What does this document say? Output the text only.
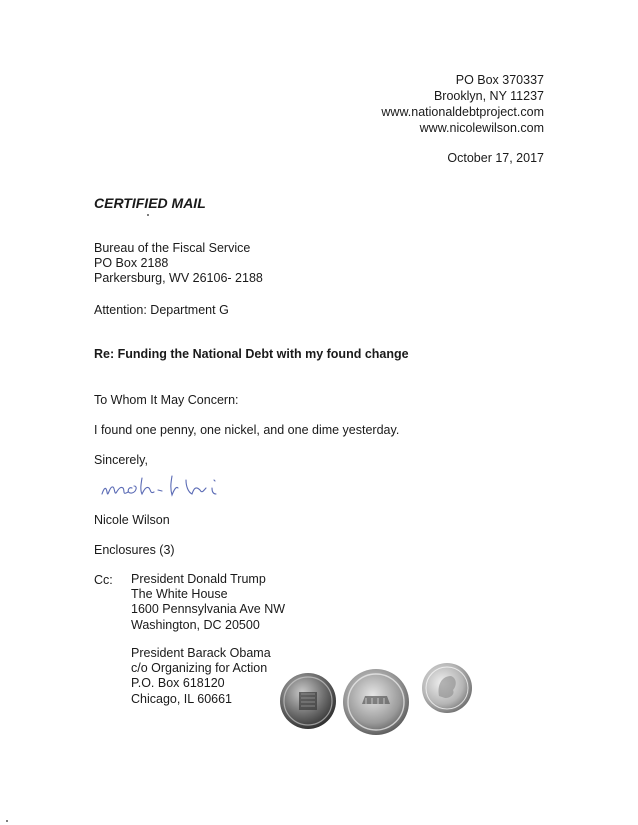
PO Box 370337
Brooklyn, NY 11237
www.nationaldebtproject.com
www.nicolewilson.com
October 17, 2017
CERTIFIED MAIL
Bureau of the Fiscal Service
PO Box 2188
Parkersburg, WV 26106- 2188
Attention: Department G
Re: Funding the National Debt with my found change
To Whom It May Concern:
I found one penny, one nickel, and one dime yesterday.
Sincerely,
Nicole Wilson
Enclosures (3)
Cc: President Donald Trump
The White House
1600 Pennsylvania Ave NW
Washington, DC 20500
President Barack Obama
c/o Organizing for Action
P.O. Box 618120
Chicago, IL 60661
